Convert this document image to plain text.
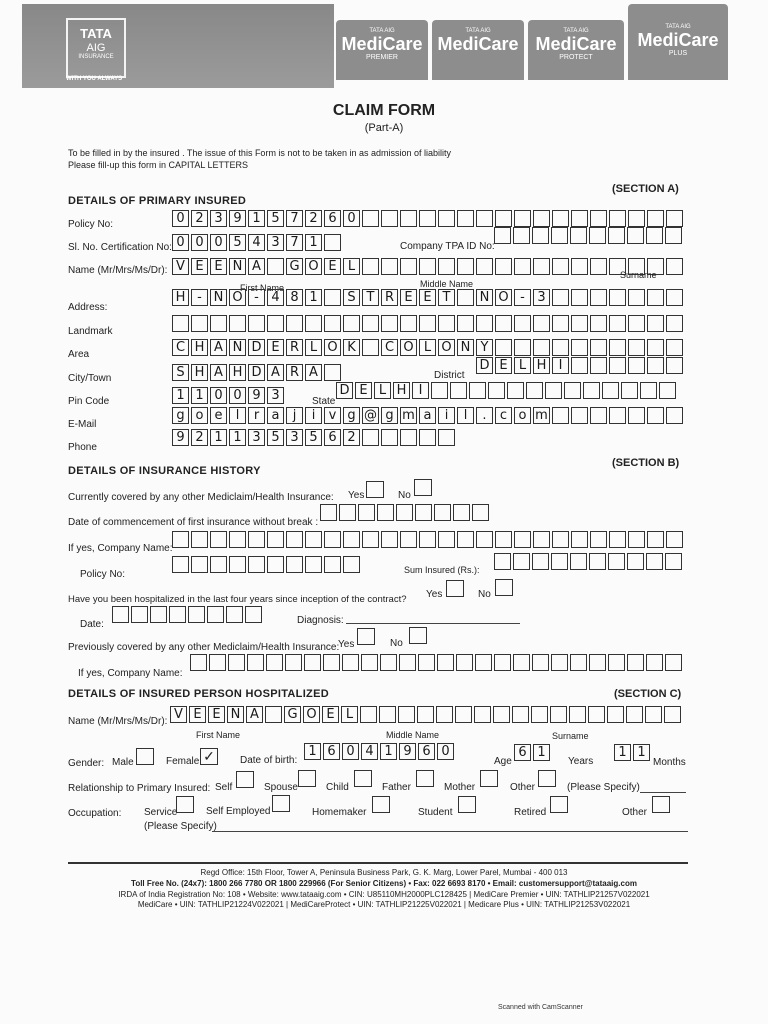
TATA
AIG
INSURANCE
WITH YOU ALWAYS
TATA AIG
MediCare
PREMIER
TATA AIG
MediCare
TATA AIG
MediCare
PROTECT
TATA AIG
MediCare
PLUS
CLAIM FORM
(Part-A)
To be filled in by the insured . The issue of this Form is not to be taken in as admission of liability
Please fill-up this form in CAPITAL LETTERS
DETAILS OF PRIMARY INSURED
(SECTION A)
Policy No:	0 2 3 9 1 5 7 2 6 0
Sl. No. Certification No: 0 0 0 5 4 3 7 1	Company TPA ID No:
Name (Mr/Mrs/Ms/Dr): V E E N A	G O E L
First Name	Middle Name
Surname
Address:
H - N O - 4 8 1	S T R E E T	N O - 3
Landmark
Area	C H A N D E R L O K	C O L O N Y
City/Town	S H A H D A R A	District
D E L H I
Pin Code	1 1 0 0 9 3	State
D E L H I
E-Mail
g o e	l	r a	j	i	v g @ g m a	i	l	.	c o m
Phone
9 2 1 1 3 5 3 5 6 2
DETAILS OF INSURANCE HISTORY
(SECTION B)
Currently covered by any other Mediclaim/Health Insurance: Yes	No
Date of commencement of first insurance without break :
If yes, Company Name:
Policy No:	Sum Insured (Rs.):
Have you been hospitalized in the last four years since inception of the contract? Yes	No
Date:	Diagnosis:
Previously covered by any other Mediclaim/Health Insurance:
Yes	No
If yes, Company Name:
DETAILS OF INSURED PERSON HOSPITALIZED	(SECTION C)
Name (Mr/Mrs/Ms/Dr): V E E N A	G O E L
First Name	Middle Name	Surname
Gender: Male	Female ✓	Date of birth:
1 6 0 4 1 9 6 0
Age
6 1
Years
1 1
Months
Relationship to Primary Insured: Self	Spouse	Child	Father	Mother	Other	(Please Specify)
Occupation: Service	Self Employed	Homemaker	Student	Retired	Other
(Please Specify)
Regd Office: 15th Floor, Tower A, Peninsula Business Park, G. K. Marg, Lower Parel, Mumbai - 400 013
Toll Free No. (24x7): 1800 266 7780 OR 1800 229966 (For Senior Citizens) • Fax: 022 6693 8170 • Email: customersupport@tataaig.com
IRDA of India Registration No: 108 • Website: www.tataaig.com • CIN: U85110MH2000PLC128425 | MediCare Premier • UIN: TATHLIP21257V022021
MediCare • UIN: TATHLIP21224V022021 | MediCareProtect • UIN: TATHLIP21225V022021 | Medicare Plus • UIN: TATHLIP21253V022021
Scanned with CamScanner
